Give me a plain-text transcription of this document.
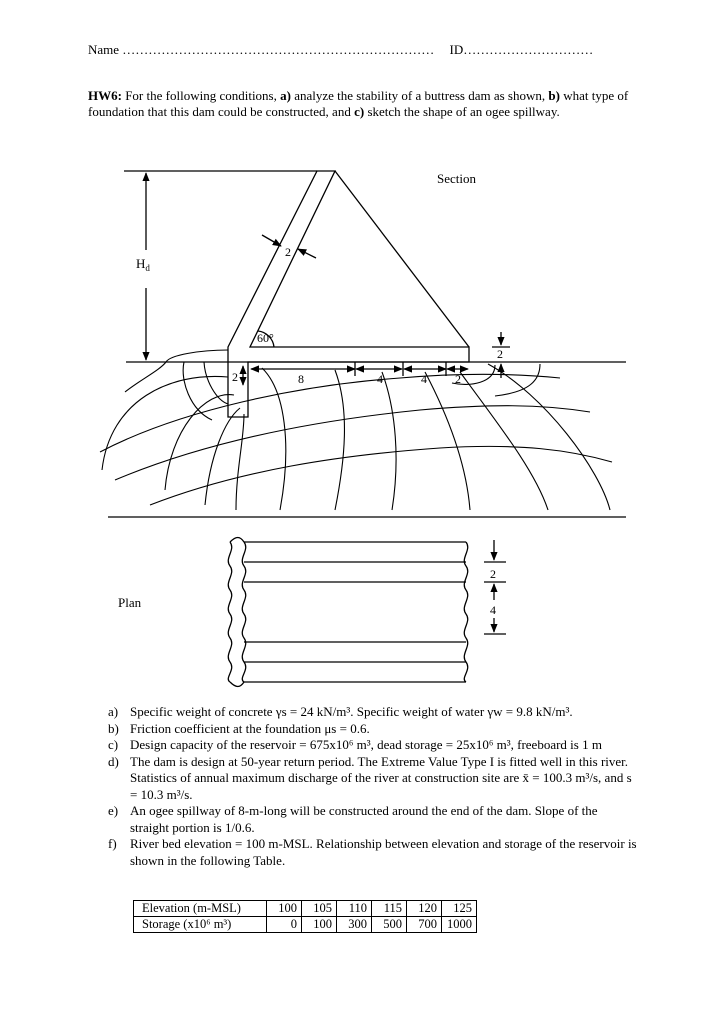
Name ……………………………………………………………… ID…………………………
HW6: For the following conditions, a) analyze the stability of a buttress dam as shown, b) what type of foundation that this dam could be constructed, and c) sketch the shape of an ogee spillway.
Section
$H_d$
2
60°
2	8	4	4 2
2
Plan
2
4
a) Specific weight of concrete γs = 24 kN/m³. Specific weight of water γw = 9.8 kN/m³.
b) Friction coefficient at the foundation μs = 0.6.
c) Design capacity of the reservoir = 675x10⁶ m³, dead storage = 25x10⁶ m³, freeboard is 1 m
d) The dam is design at 50-year return period. The Extreme Value Type I is fitted well in this river. Statistics of annual maximum discharge of the river at construction site are x̄ = 100.3 m³/s, and s = 10.3 m³/s.
e) An ogee spillway of 8-m-long will be constructed around the end of the dam. Slope of the straight portion is 1/0.6.
f)	River bed elevation = 100 m-MSL. Relationship between elevation and storage of the reservoir is shown in the following Table.
Elevation (m-MSL)	100	105	110	115	120	125
Storage (x10⁶ m³)	0	100	300	500	700	1000
